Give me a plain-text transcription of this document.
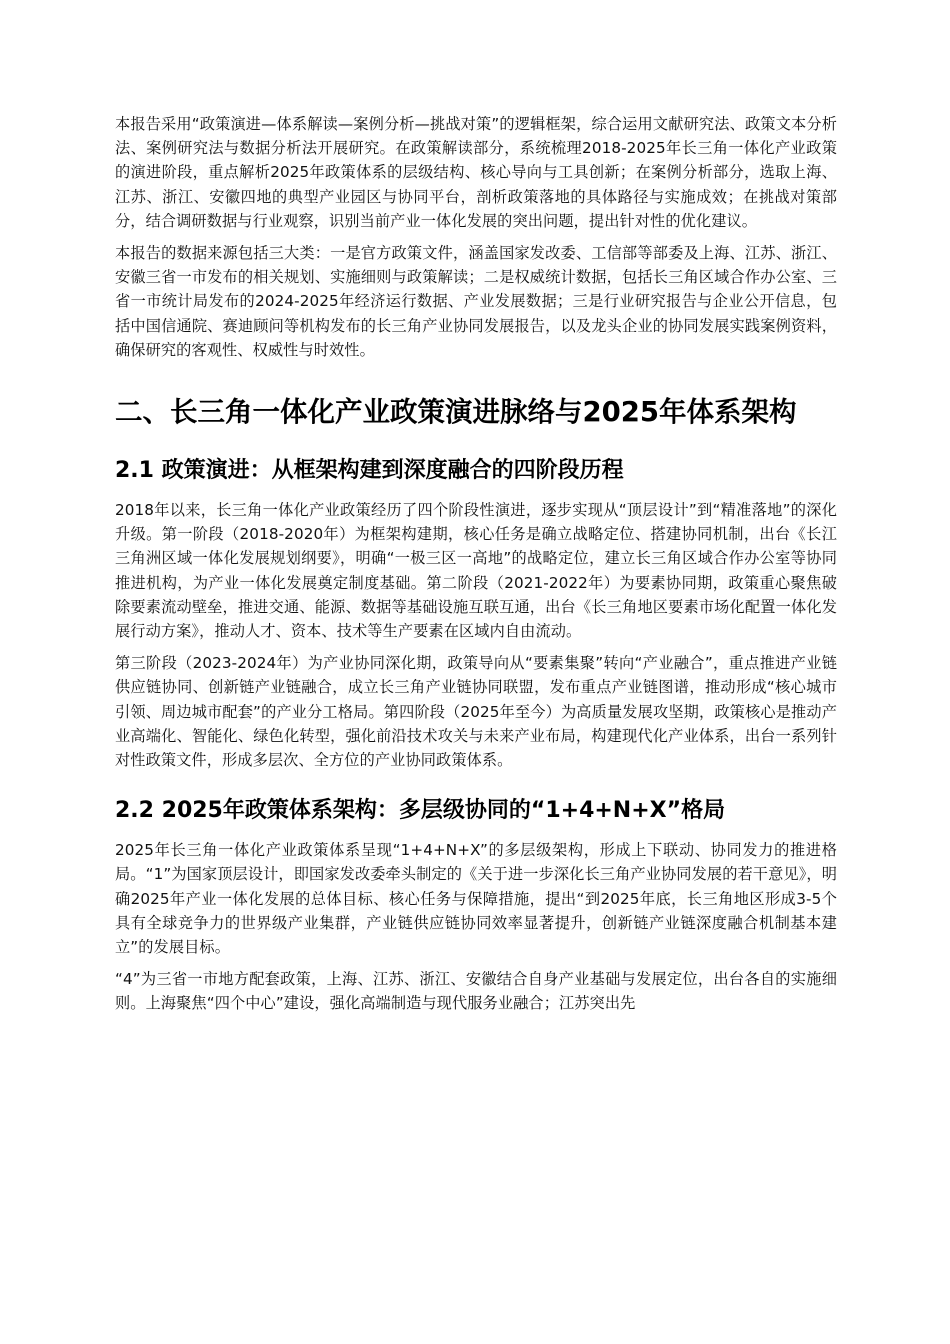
本报告采用“政策演进—体系解读—案例分析—挑战对策”的逻辑框架，综合运用文献研究法、政策文本分析法、案例研究法与数据分析法开展研究。在政策解读部分，系统梳理2018-2025年长三角一体化产业政策的演进阶段，重点解析2025年政策体系的层级结构、核心导向与工具创新；在案例分析部分，选取上海、江苏、浙江、安徽四地的典型产业园区与协同平台，剖析政策落地的具体路径与实施成效；在挑战对策部分，结合调研数据与行业观察，识别当前产业一体化发展的突出问题，提出针对性的优化建议。

本报告的数据来源包括三大类：一是官方政策文件，涵盖国家发改委、工信部等部委及上海、江苏、浙江、安徽三省一市发布的相关规划、实施细则与政策解读；二是权威统计数据，包括长三角区域合作办公室、三省一市统计局发布的2024-2025年经济运行数据、产业发展数据；三是行业研究报告与企业公开信息，包括中国信通院、赛迪顾问等机构发布的长三角产业协同发展报告，以及龙头企业的协同发展实践案例资料，确保研究的客观性、权威性与时效性。

二、长三角一体化产业政策演进脉络与2025年体系架构
2.1 政策演进：从框架构建到深度融合的四阶段历程

2018年以来，长三角一体化产业政策经历了四个阶段性演进，逐步实现从“顶层设计”到“精准落地”的深化升级。第一阶段（2018-2020年）为框架构建期，核心任务是确立战略定位、搭建协同机制，出台《长江三角洲区域一体化发展规划纲要》，明确“一极三区一高地”的战略定位，建立长三角区域合作办公室等协同推进机构，为产业一体化发展奠定制度基础。第二阶段（2021-2022年）为要素协同期，政策重心聚焦破除要素流动壁垒，推进交通、能源、数据等基础设施互联互通，出台《长三角地区要素市场化配置一体化发展行动方案》，推动人才、资本、技术等生产要素在区域内自由流动。

第三阶段（2023-2024年）为产业协同深化期，政策导向从“要素集聚”转向“产业融合”，重点推进产业链供应链协同、创新链产业链融合，成立长三角产业链协同联盟，发布重点产业链图谱，推动形成“核心城市引领、周边城市配套”的产业分工格局。第四阶段（2025年至今）为高质量发展攻坚期，政策核心是推动产业高端化、智能化、绿色化转型，强化前沿技术攻关与未来产业布局，构建现代化产业体系，出台一系列针对性政策文件，形成多层次、全方位的产业协同政策体系。

2.2 2025年政策体系架构：多层级协同的“1+4+N+X”格局

2025年长三角一体化产业政策体系呈现“1+4+N+X”的多层级架构，形成上下联动、协同发力的推进格局。“1”为国家顶层设计，即国家发改委牵头制定的《关于进一步深化长三角产业协同发展的若干意见》，明确2025年产业一体化发展的总体目标、核心任务与保障措施，提出“到2025年底，长三角地区形成3-5个具有全球竞争力的世界级产业集群，产业链供应链协同效率显著提升，创新链产业链深度融合机制基本建立”的发展目标。

“4”为三省一市地方配套政策，上海、江苏、浙江、安徽结合自身产业基础与发展定位，出台各自的实施细则。上海聚焦“四个中心”建设，强化高端制造与现代服务业融合；江苏突出先
